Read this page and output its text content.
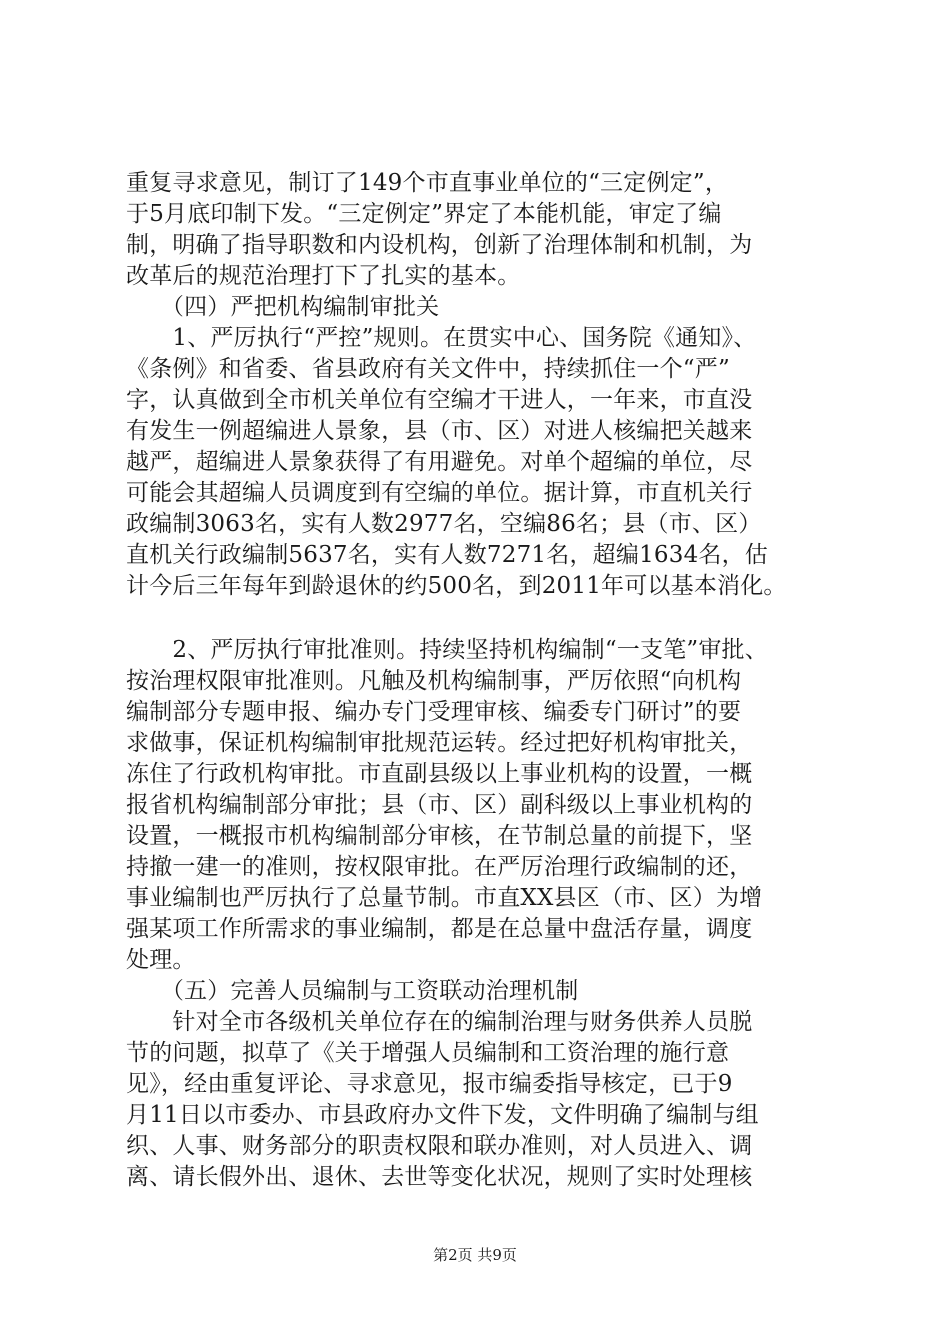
重复寻求意见，制订了149个市直事业单位的“三定例定”，
于5月底印制下发。“三定例定”界定了本能机能，审定了编
制，明确了指导职数和内设机构，创新了治理体制和机制，为
改革后的规范治理打下了扎实的基本。
　　（四）严把机构编制审批关
　　1、严厉执行“严控”规则。在贯实中心、国务院《通知》、
《条例》和省委、省县政府有关文件中，持续抓住一个“严”
字，认真做到全市机关单位有空编才干进人，一年来，市直没
有发生一例超编进人景象，县（市、区）对进人核编把关越来
越严，超编进人景象获得了有用避免。对单个超编的单位，尽
可能会其超编人员调度到有空编的单位。据计算，市直机关行
政编制3063名，实有人数2977名，空编86名；县（市、区）
直机关行政编制5637名，实有人数7271名，超编1634名，估
计今后三年每年到龄退休的约500名，到2011年可以基本消化。
　　2、严厉执行审批准则。持续坚持机构编制“一支笔”审批、
按治理权限审批准则。凡触及机构编制事，严厉依照“向机构
编制部分专题申报、编办专门受理审核、编委专门研讨”的要
求做事，保证机构编制审批规范运转。经过把好机构审批关，
冻住了行政机构审批。市直副县级以上事业机构的设置，一概
报省机构编制部分审批；县（市、区）副科级以上事业机构的
设置，一概报市机构编制部分审核，在节制总量的前提下，坚
持撤一建一的准则，按权限审批。在严厉治理行政编制的还，
事业编制也严厉执行了总量节制。市直XX县区（市、区）为增
强某项工作所需求的事业编制，都是在总量中盘活存量，调度
处理。
　　（五）完善人员编制与工资联动治理机制
　　针对全市各级机关单位存在的编制治理与财务供养人员脱
节的问题，拟草了《关于增强人员编制和工资治理的施行意
见》，经由重复评论、寻求意见，报市编委指导核定，已于9
月11日以市委办、市县政府办文件下发，文件明确了编制与组
织、人事、财务部分的职责权限和联办准则，对人员进入、调
离、请长假外出、退休、去世等变化状况，规则了实时处理核
第2页 共9页
